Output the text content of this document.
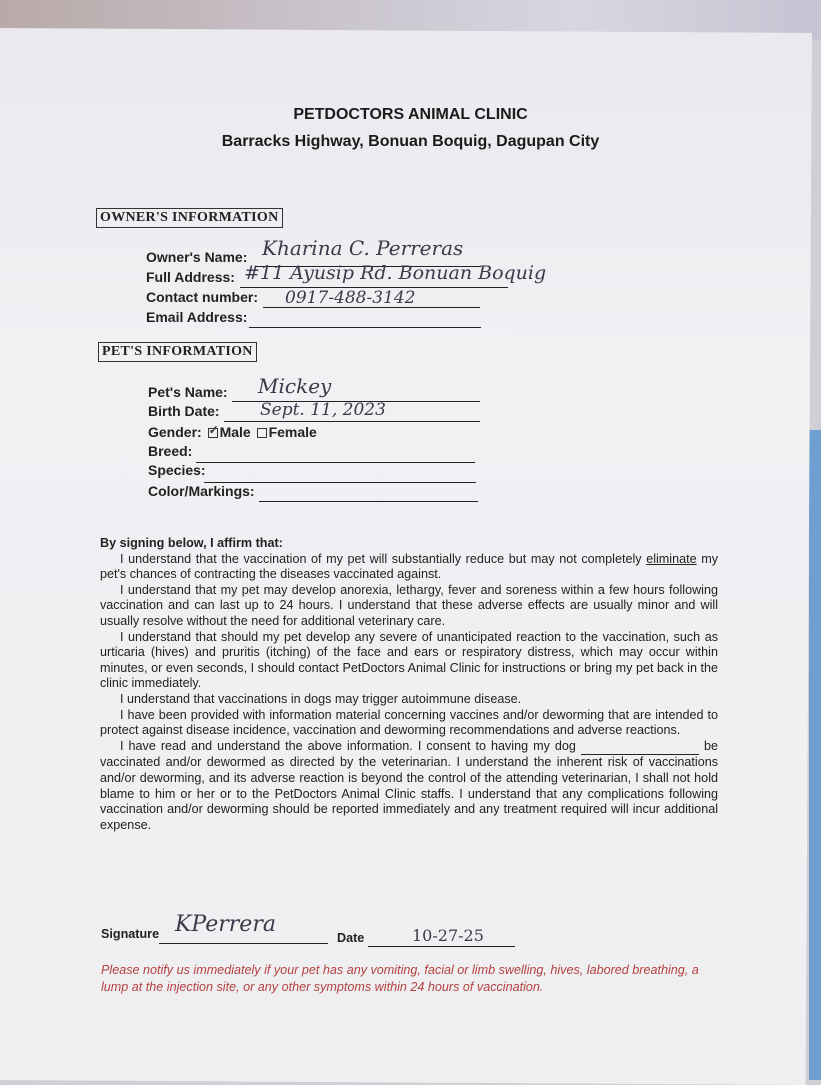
PETDOCTORS ANIMAL CLINIC
Barracks Highway, Bonuan Boquig, Dagupan City
OWNER'S INFORMATION
Owner's Name: Kharina C. Perreras
Full Address: #11 Ayusip Rd. Bonuan Boquig
Contact number: 0917-488-3142
Email Address:
PET'S INFORMATION
Pet's Name: Mickey
Birth Date: Sept. 11, 2023
Gender: ✓ Male Female
Breed:
Species:
Color/Markings:

By signing below, I affirm that:

I understand that the vaccination of my pet will substantially reduce but may not completely eliminate my pet's chances of contracting the diseases vaccinated against.

I understand that my pet may develop anorexia, lethargy, fever and soreness within a few hours following vaccination and can last up to 24 hours. I understand that these adverse effects are usually minor and will usually resolve without the need for additional veterinary care.

I understand that should my pet develop any severe of unanticipated reaction to the vaccination, such as urticaria (hives) and pruritis (itching) of the face and ears or respiratory distress, which may occur within minutes, or even seconds, I should contact PetDoctors Animal Clinic for instructions or bring my pet back in the clinic immediately.

I understand that vaccinations in dogs may trigger autoimmune disease.

I have been provided with information material concerning vaccines and/or deworming that are intended to protect against disease incidence, vaccination and deworming recommendations and adverse reactions.

I have read and understand the above information. I consent to having my dog	be vaccinated and/or dewormed as directed by the veterinarian. I understand the inherent risk of vaccinations and/or deworming, and its adverse reaction is beyond the control of the attending veterinarian, I shall not hold blame to him or her or to the PetDoctors Animal Clinic staffs. I understand that any complications following vaccination and/or deworming should be reported immediately and any treatment required will incur additional expense.

Signature KPerrera
Date	10-27-25
Please notify us immediately if your pet has any vomiting, facial or limb swelling, hives, labored breathing, a lump at the injection site, or any other symptoms within 24 hours of vaccination.
